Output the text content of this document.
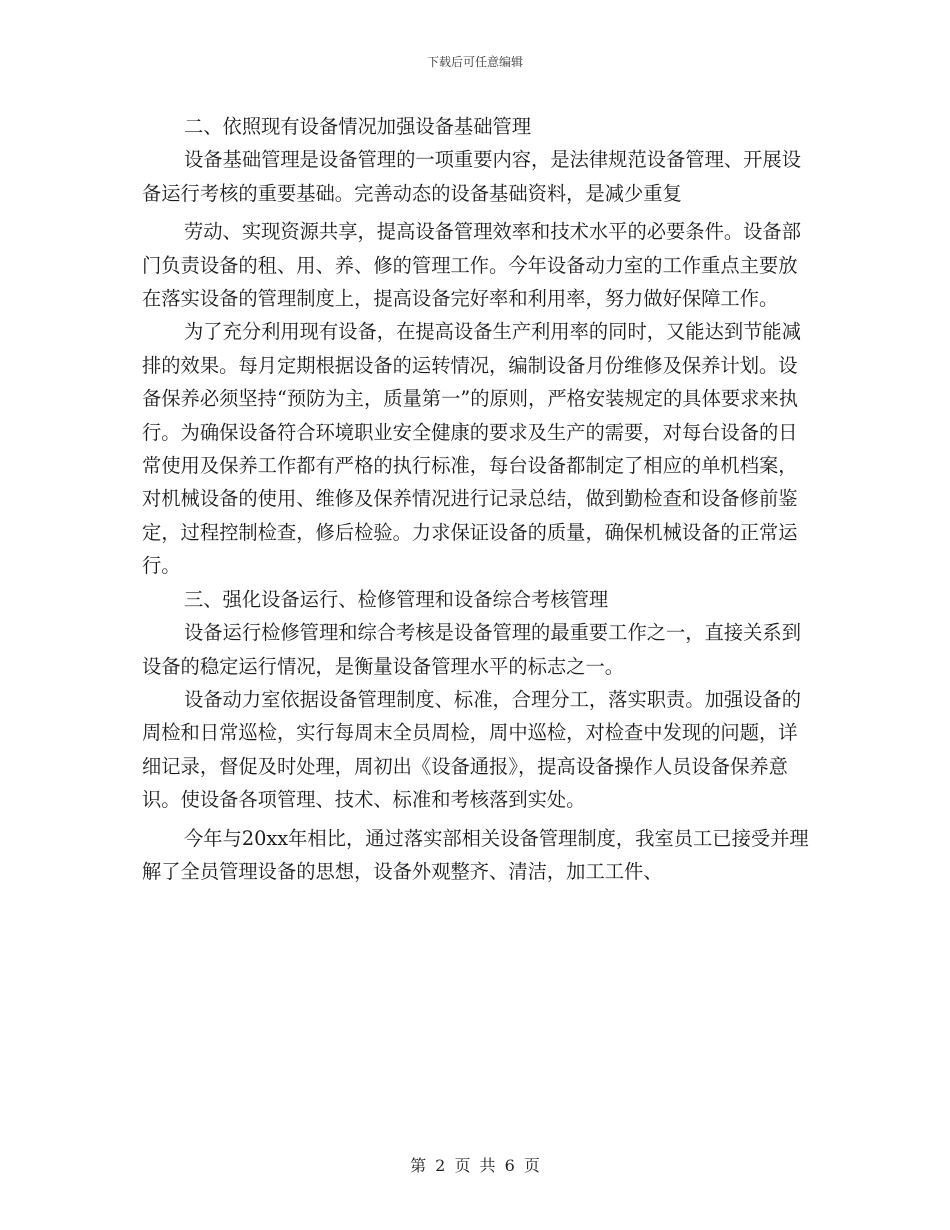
下载后可任意编辑

二、依照现有设备情况加强设备基础管理

设备基础管理是设备管理的一项重要内容，是法律规范设备管理、开展设备运行考核的重要基础。完善动态的设备基础资料，是减少重复

劳动、实现资源共享，提高设备管理效率和技术水平的必要条件。设备部门负责设备的租、用、养、修的管理工作。今年设备动力室的工作重点主要放在落实设备的管理制度上，提高设备完好率和利用率，努力做好保障工作。

为了充分利用现有设备，在提高设备生产利用率的同时，又能达到节能减排的效果。每月定期根据设备的运转情况，编制设备月份维修及保养计划。设备保养必须坚持“预防为主，质量第一”的原则，严格安装规定的具体要求来执行。为确保设备符合环境职业安全健康的要求及生产的需要，对每台设备的日常使用及保养工作都有严格的执行标准，每台设备都制定了相应的单机档案，对机械设备的使用、维修及保养情况进行记录总结，做到勤检查和设备修前鉴定，过程控制检查，修后检验。力求保证设备的质量，确保机械设备的正常运行。

三、强化设备运行、检修管理和设备综合考核管理

设备运行检修管理和综合考核是设备管理的最重要工作之一，直接关系到设备的稳定运行情况，是衡量设备管理水平的标志之一。

设备动力室依据设备管理制度、标准，合理分工，落实职责。加强设备的周检和日常巡检，实行每周末全员周检，周中巡检，对检查中发现的问题，详细记录，督促及时处理，周初出《设备通报》，提高设备操作人员设备保养意识。使设备各项管理、技术、标准和考核落到实处。

今年与20xx年相比，通过落实部相关设备管理制度，我室员工已接受并理解了全员管理设备的思想，设备外观整齐、清洁，加工工件、

第 2 页 共 6 页
